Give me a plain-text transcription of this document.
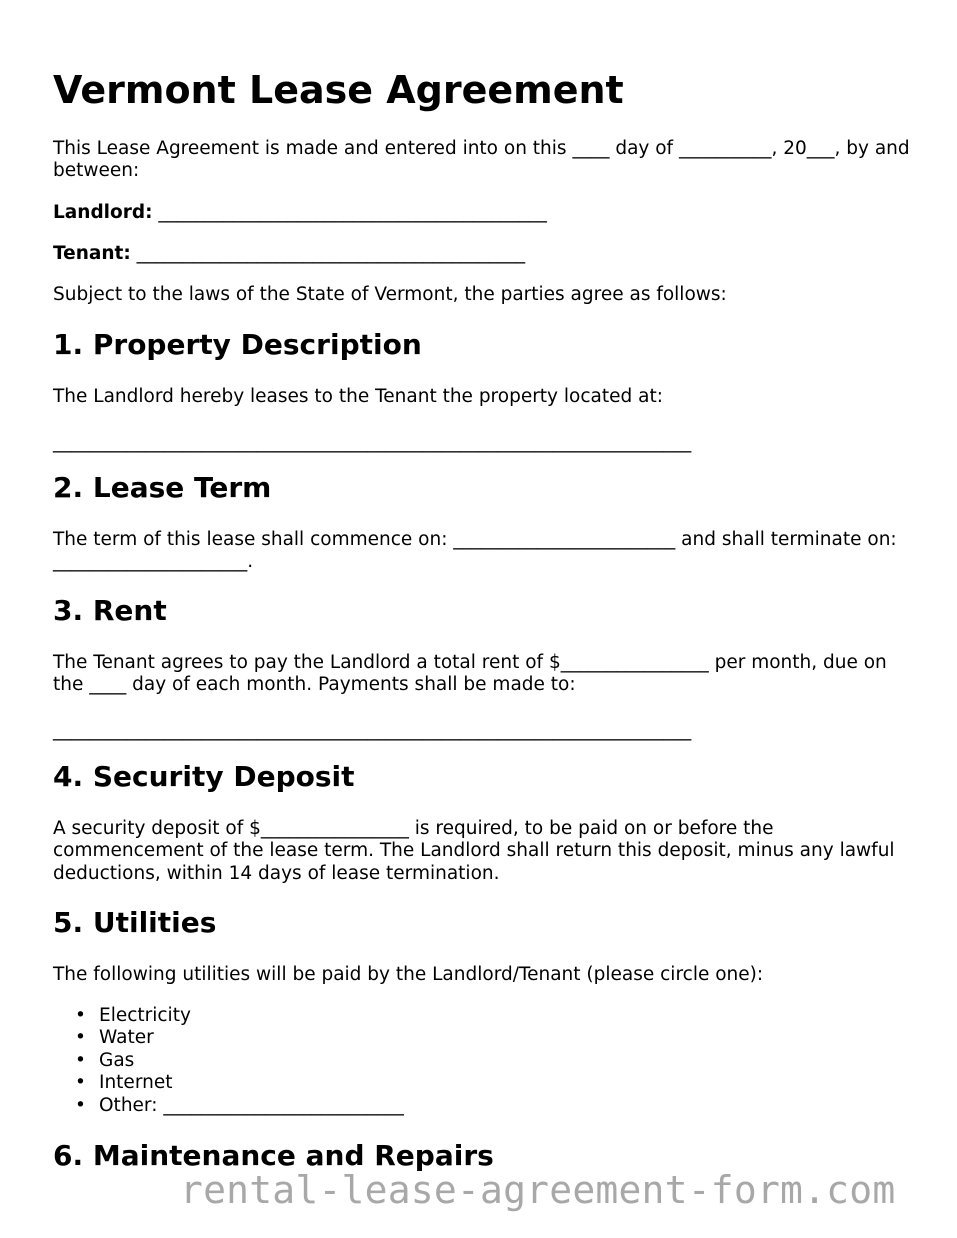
Vermont Lease Agreement

This Lease Agreement is made and entered into on this ____ day of __________, 20___, by and between:

Landlord: __________________________________________

Tenant: __________________________________________

Subject to the laws of the State of Vermont, the parties agree as follows:

1. Property Description

The Landlord hereby leases to the Tenant the property located at:

_____________________________________________________________________

2. Lease Term

The term of this lease shall commence on: ________________________ and shall terminate on: _____________________.

3. Rent

The Tenant agrees to pay the Landlord a total rent of $________________ per month, due on the ____ day of each month. Payments shall be made to:

_____________________________________________________________________

4. Security Deposit

A security deposit of $________________ is required, to be paid on or before the commencement of the lease term. The Landlord shall return this deposit, minus any lawful deductions, within 14 days of lease termination.

5. Utilities

The following utilities will be paid by the Landlord/Tenant (please circle one):

• Electricity
• Water
• Gas
• Internet
• Other: __________________________
6. Maintenance and Repairs
rental-lease-agreement-form.com
